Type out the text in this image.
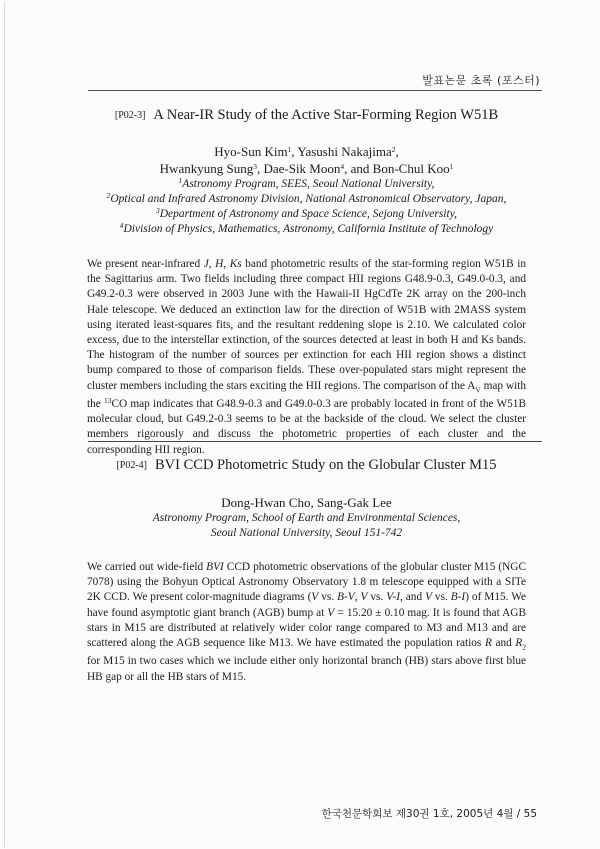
발표논문 초록 (포스터)
[P02-3] A Near-IR Study of the Active Star-Forming Region W51B
Hyo-Sun Kim$^1$, Yasushi Nakajima$^2$,
Hwankyung Sung$^3$, Dae-Sik Moon$^4$, and Bon-Chul Koo$^1$
$^1$Astronomy Program, SEES, Seoul National University,
$^2$Optical and Infrared Astronomy Division, National Astronomical Observatory, Japan,
$^3$Department of Astronomy and Space Science, Sejong University,
$^4$Division of Physics, Mathematics, Astronomy, California Institute of Technology
We present near-infrared J, H, Ks band photometric results of the star-forming region W51B in the Sagittarius arm. Two fields including three compact HII regions G48.9-0.3, G49.0-0.3, and G49.2-0.3 were observed in 2003 June with the Hawaii-II HgCdTe 2K array on the 200-inch Hale telescope. We deduced an extinction law for the direction of W51B with 2MASS system using iterated least-squares fits, and the resultant reddening slope is 2.10. We calculated color excess, due to the interstellar extinction, of the sources detected at least in both H and Ks bands. The histogram of the number of sources per extinction for each HII region shows a distinct bump compared to those of comparison fields. These over-populated stars might represent the cluster members including the stars exciting the HII regions. The comparison of the $A_V$ map with the $^{13}$CO map indicates that G48.9-0.3 and G49.0-0.3 are probably located in front of the W51B molecular cloud, but G49.2-0.3 seems to be at the backside of the cloud. We select the cluster members rigorously and discuss the photometric properties of each cluster and the corresponding HII region.
[P02-4] BVI CCD Photometric Study on the Globular Cluster M15
Dong-Hwan Cho, Sang-Gak Lee
Astronomy Program, School of Earth and Environmental Sciences,
Seoul National University, Seoul 151-742
We carried out wide-field BVI CCD photometric observations of the globular cluster M15 (NGC 7078) using the Bohyun Optical Astronomy Observatory 1.8 m telescope equipped with a SITe 2K CCD. We present color-magnitude diagrams (V vs. B-V, V vs. V-I, and V vs. B-I) of M15. We have found asymptotic giant branch (AGB) bump at V = 15.20 ± 0.10 mag. It is found that AGB stars in M15 are distributed at relatively wider color range compared to M3 and M13 and are scattered along the AGB sequence like M13. We have estimated the population ratios R and $R_2$ for M15 in two cases which we include either only horizontal branch (HB) stars above first blue HB gap or all the HB stars of M15.
한국천문학회보 제30권 1호, 2005년 4월 / 55
